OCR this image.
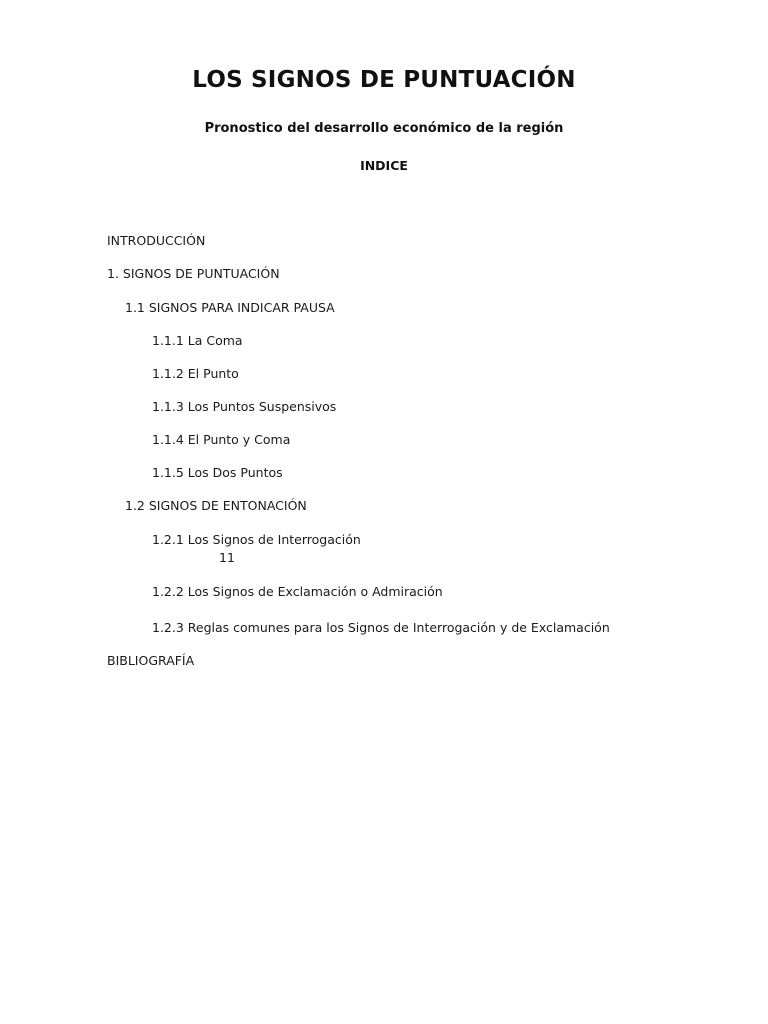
LOS SIGNOS DE PUNTUACIÓN
Pronostico del desarrollo económico de la región
INDICE
INTRODUCCIÓN
1. SIGNOS DE PUNTUACIÓN
1.1 SIGNOS PARA INDICAR PAUSA
1.1.1 La Coma
1.1.2 El Punto
1.1.3 Los Puntos Suspensivos
1.1.4 El Punto y Coma
1.1.5 Los Dos Puntos
1.2 SIGNOS DE ENTONACIÓN
1.2.1 Los Signos de Interrogación
11
1.2.2 Los Signos de Exclamación o Admiración
1.2.3 Reglas comunes para los Signos de Interrogación y de Exclamación
BIBLIOGRAFÍA
